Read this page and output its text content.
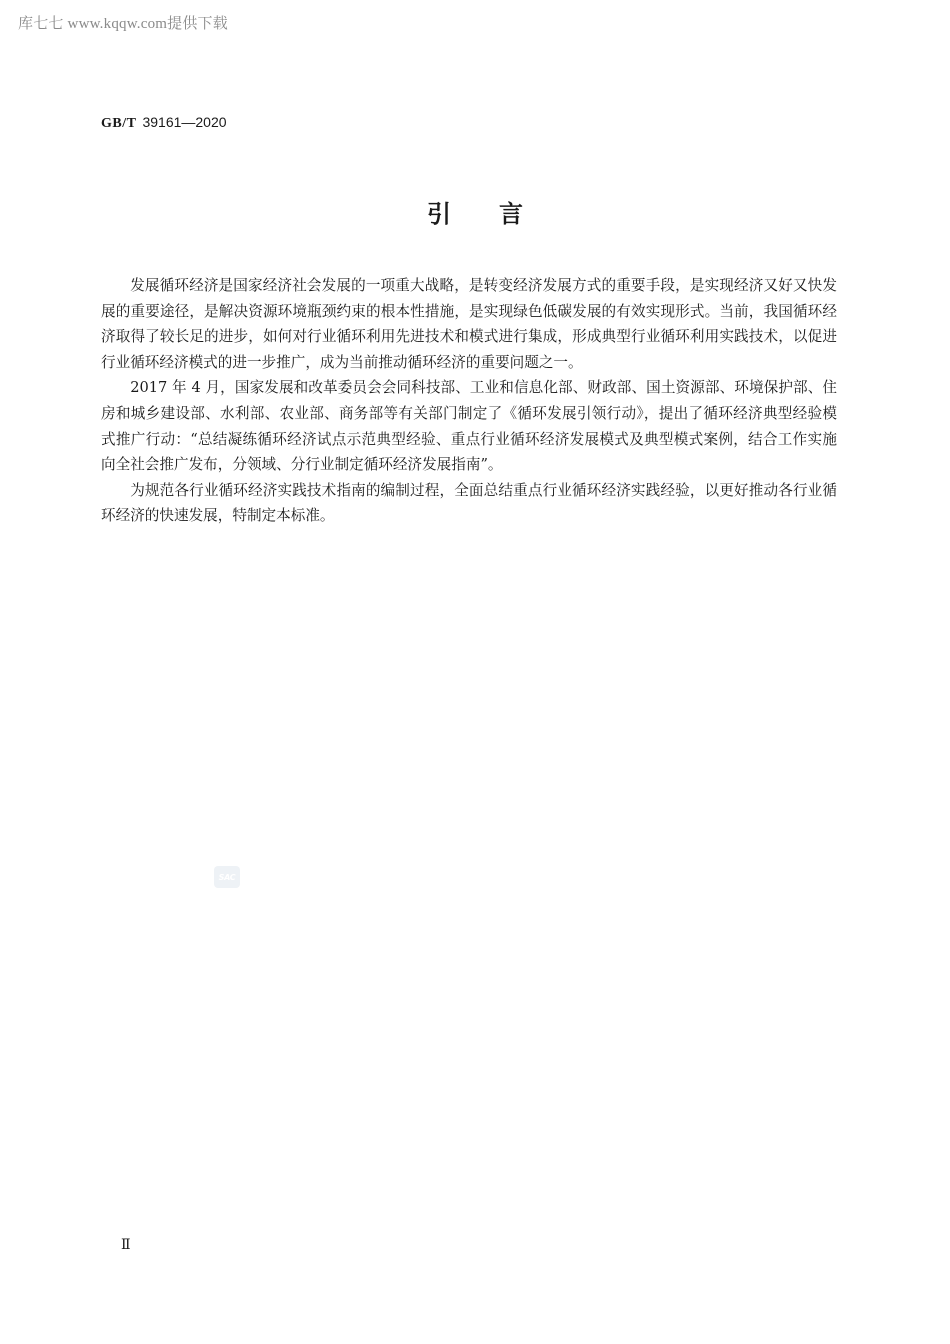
库七七 www.kqqw.com提供下载
GB/T 39161—2020
引言

发展循环经济是国家经济社会发展的一项重大战略，是转变经济发展方式的重要手段，是实现经济又好又快发展的重要途径，是解决资源环境瓶颈约束的根本性措施，是实现绿色低碳发展的有效实现形式。当前，我国循环经济取得了较长足的进步，如何对行业循环利用先进技术和模式进行集成，形成典型行业循环利用实践技术，以促进行业循环经济模式的进一步推广，成为当前推动循环经济的重要问题之一。

2017 年 4 月，国家发展和改革委员会会同科技部、工业和信息化部、财政部、国土资源部、环境保护部、住房和城乡建设部、水利部、农业部、商务部等有关部门制定了《循环发展引领行动》，提出了循环经济典型经验模式推广行动：“总结凝练循环经济试点示范典型经验、重点行业循环经济发展模式及典型模式案例，结合工作实施向全社会推广发布，分领域、分行业制定循环经济发展指南”。

为规范各行业循环经济实践技术指南的编制过程，全面总结重点行业循环经济实践经验，以更好推动各行业循环经济的快速发展，特制定本标准。

SAC
Ⅱ
